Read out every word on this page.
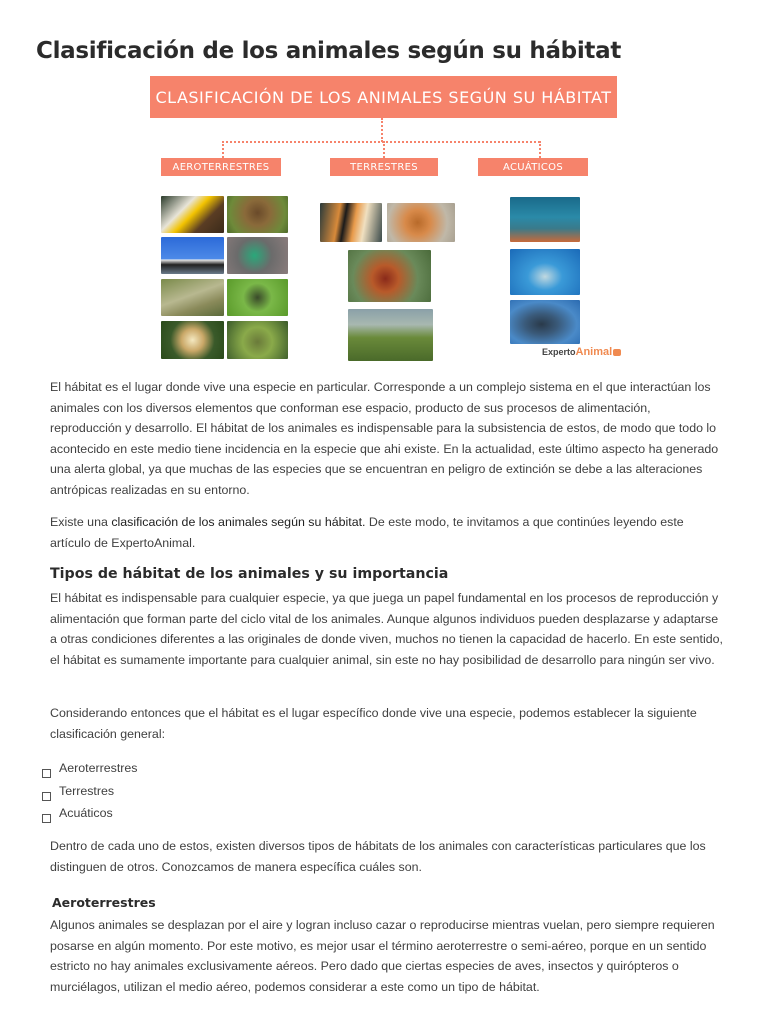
Clasificación de los animales según su hábitat
CLASIFICACIÓN DE LOS ANIMALES SEGÚN SU HÁBITAT
AEROTERRESTRES	TERRESTRES	ACUÁTICOS
ExpertoAnimal

El hábitat es el lugar donde vive una especie en particular. Corresponde a un complejo sistema en el que interactúan los animales con los diversos elementos que conforman ese espacio, producto de sus procesos de alimentación, reproducción y desarrollo. El hábitat de los animales es indispensable para la subsistencia de estos, de modo que todo lo acontecido en este medio tiene incidencia en la especie que ahi existe. En la actualidad, este último aspecto ha generado una alerta global, ya que muchas de las especies que se encuentran en peligro de extinción se debe a las alteraciones antrópicas realizadas en su entorno.

Existe una clasificación de los animales según su hábitat. De este modo, te invitamos a que continúes leyendo este artículo de ExpertoAnimal.

Tipos de hábitat de los animales y su importancia

El hábitat es indispensable para cualquier especie, ya que juega un papel fundamental en los procesos de reproducción y alimentación que forman parte del ciclo vital de los animales. Aunque algunos individuos pueden desplazarse y adaptarse a otras condiciones diferentes a las originales de donde viven, muchos no tienen la capacidad de hacerlo. En este sentido, el hábitat es sumamente importante para cualquier animal, sin este no hay posibilidad de desarrollo para ningún ser vivo.

Considerando entonces que el hábitat es el lugar específico donde vive una especie, podemos establecer la siguiente clasificación general:

Aeroterrestres
Terrestres
Acuáticos

Dentro de cada uno de estos, existen diversos tipos de hábitats de los animales con características particulares que los distinguen de otros. Conozcamos de manera específica cuáles son.

Aeroterrestres

Algunos animales se desplazan por el aire y logran incluso cazar o reproducirse mientras vuelan, pero siempre requieren posarse en algún momento. Por este motivo, es mejor usar el término aeroterrestre o semi-aéreo, porque en un sentido estricto no hay animales exclusivamente aéreos. Pero dado que ciertas especies de aves, insectos y quirópteros o murciélagos, utilizan el medio aéreo, podemos considerar a este como un tipo de hábitat.
